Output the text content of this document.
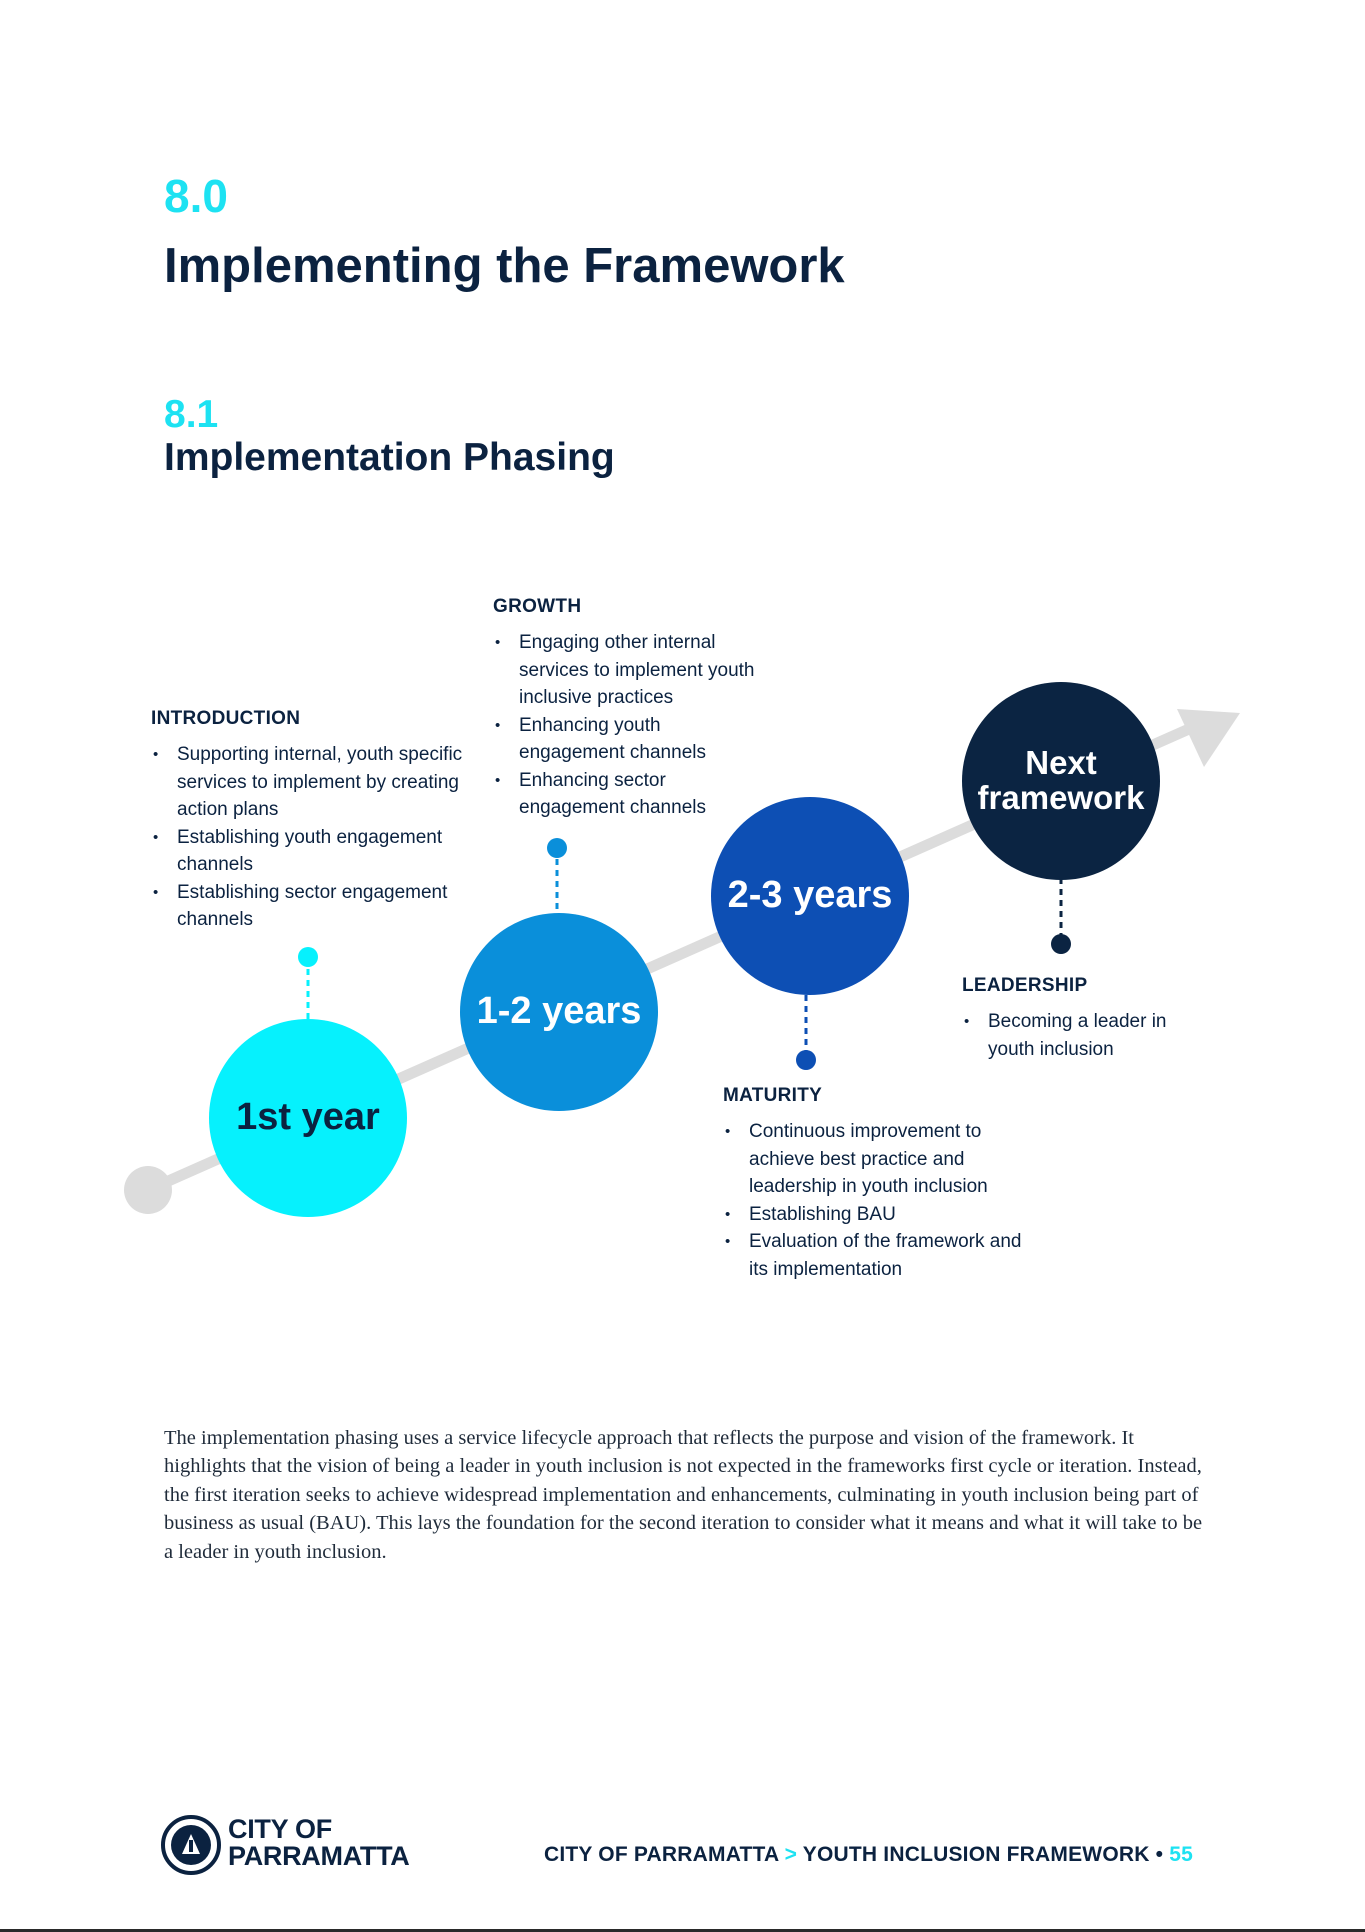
8.0
Implementing the Framework
8.1
Implementation Phasing
1st year
1-2 years
2-3 years
Next framework
INTRODUCTION
• Supporting internal, youth specific services to implement by creating action plans
• Establishing youth engagement channels
• Establishing sector engagement channels
GROWTH
• Engaging other internal services to implement youth inclusive practices
• Enhancing youth engagement channels
• Enhancing sector engagement channels
MATURITY
• Continuous improvement to achieve best practice and leadership in youth inclusion
• Establishing BAU
• Evaluation of the framework and its implementation
LEADERSHIP
• Becoming a leader in youth inclusion
The implementation phasing uses a service lifecycle approach that reflects the purpose and vision of the framework. It highlights that the vision of being a leader in youth inclusion is not expected in the frameworks first cycle or iteration. Instead, the first iteration seeks to achieve widespread implementation and enhancements, culminating in youth inclusion being part of business as usual (BAU). This lays the foundation for the second iteration to consider what it means and what it will take to be a leader in youth inclusion.
CITY OF
PARRAMATTA	CITY OF PARRAMATTA > YOUTH INCLUSION FRAMEWORK • 55
